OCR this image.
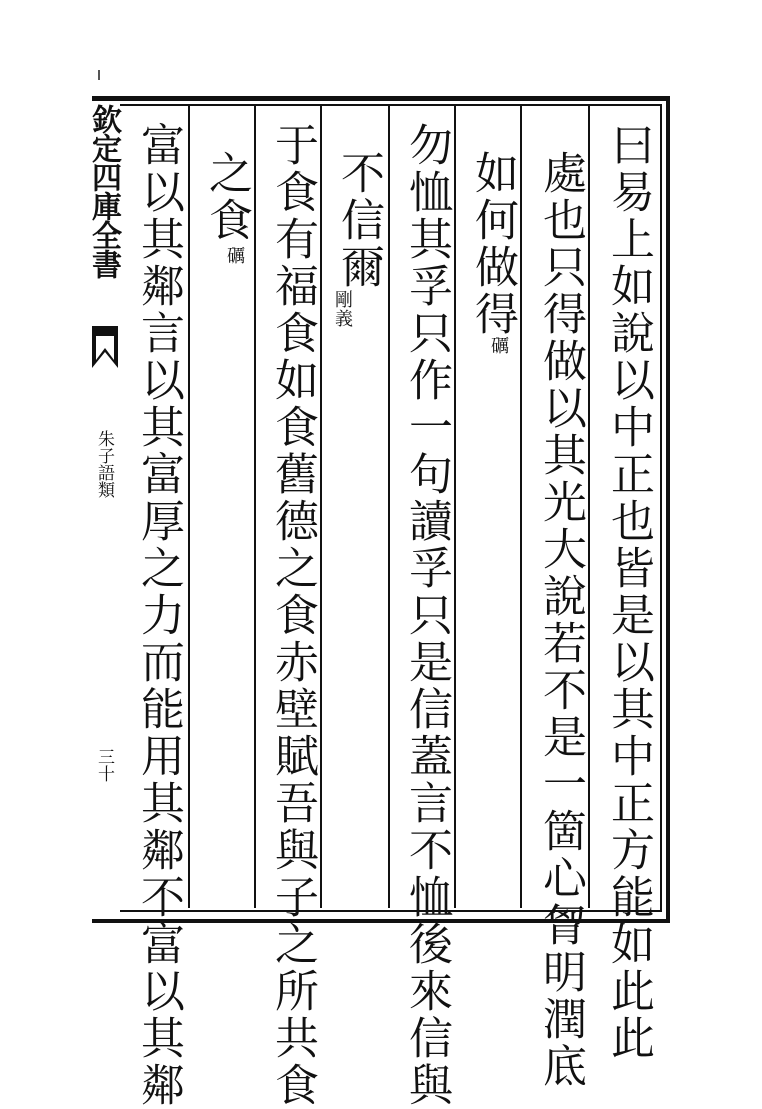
欽定四庫全書
朱子語類
三十	曰易上如說以中正也皆是以其中正方能如此此
處也只得做以其光大說若不是一箇心胷明潤底
如何做得
礪
勿恤其孚只作一句讀孚只是信蓋言不恤後來信與
不信爾
剛義
于食有福食如食舊德之食赤壁賦吾與子之所共食
之食
礪
富以其鄰言以其富厚之力而能用其鄰不富以其鄰
